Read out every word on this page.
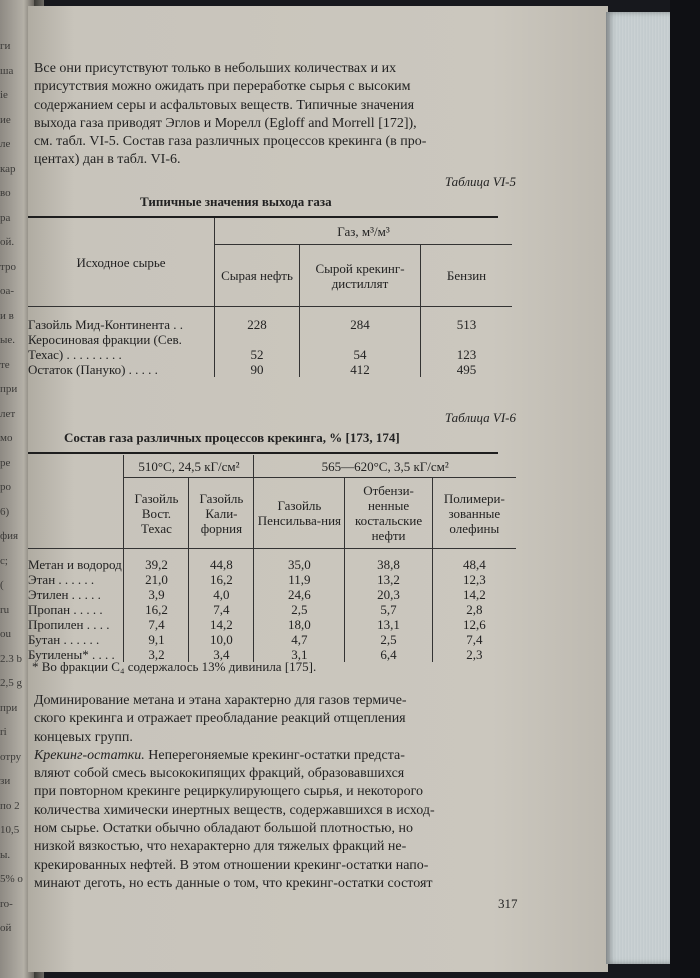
ги
ша
ie
ие
ле
кар
во
ра
ой.
тро
oa-
и в
ые.
те
при
лет
мо
ре
ро
6)
фия
с;
(
ru
ou
2.3 b
2,5 g
при
ri
отру
зи
по 2
10,5
ы.
5% о
ro-
ой
Все они присутствуют только в небольших количествах и их
присутствия можно ожидать при переработке сырья с высоким
содержанием серы и асфальтовых веществ. Типичные значения
выхода газа приводят Эглов и Морелл (Egloff and Morrell [172]),
см. табл. VI-5. Состав газа различных процессов крекинга (в про-
центах) дан в табл. VI-6.
Таблица VI-5
Типичные значения выхода газа
Исходное сырье	Газ, м³/м³		
	Сырая нефть	Сырой крекинг-дистиллят	Бензин
Газойль Мид-Континента . .	228	284	513
Керосиновая фракции (Сев.			
Техас) . . . . . . . . .	52	54	123
Остаток (Пануко) . . . . .	90	412	495
Таблица VI-6
Состав газа различных процессов крекинга, % [173, 174]
	510°C, 24,5 кГ/см²		565—620°C, 3,5 кГ/см²		
	Газойль Вост. Техас	Газойль Кали-форния	Газойль Пенсильва-ния	Отбензи-ненные костальские нефти	Полимери-зованные олефины
Метан и водород	39,2	44,8	35,0	38,8	48,4
Этан . . . . . .	21,0	16,2	11,9	13,2	12,3
Этилен . . . . .	3,9	4,0	24,6	20,3	14,2
Пропан . . . . .	16,2	7,4	2,5	5,7	2,8
Пропилен . . . .	7,4	14,2	18,0	13,1	12,6
Бутан . . . . . .	9,1	10,0	4,7	2,5	7,4
Бутилены* . . . .	3,2	3,4	3,1	6,4	2,3
* Во фракции C₄ содержалось 13% дивинила [175].
Доминирование метана и этана характерно для газов термиче-
ского крекинга и отражает преобладание реакций отщепления
концевых групп.
Крекинг-остатки. Неперегоняемые крекинг-остатки предста-
вляют собой смесь высококипящих фракций, образовавшихся
при повторном крекинге рециркулирующего сырья, и некоторого
количества химически инертных веществ, содержавшихся в исход-
ном сырье. Остатки обычно обладают большой плотностью, но
низкой вязкостью, что нехарактерно для тяжелых фракций не-
крекированных нефтей. В этом отношении крекинг-остатки напо-
минают деготь, но есть данные о том, что крекинг-остатки состоят
317
